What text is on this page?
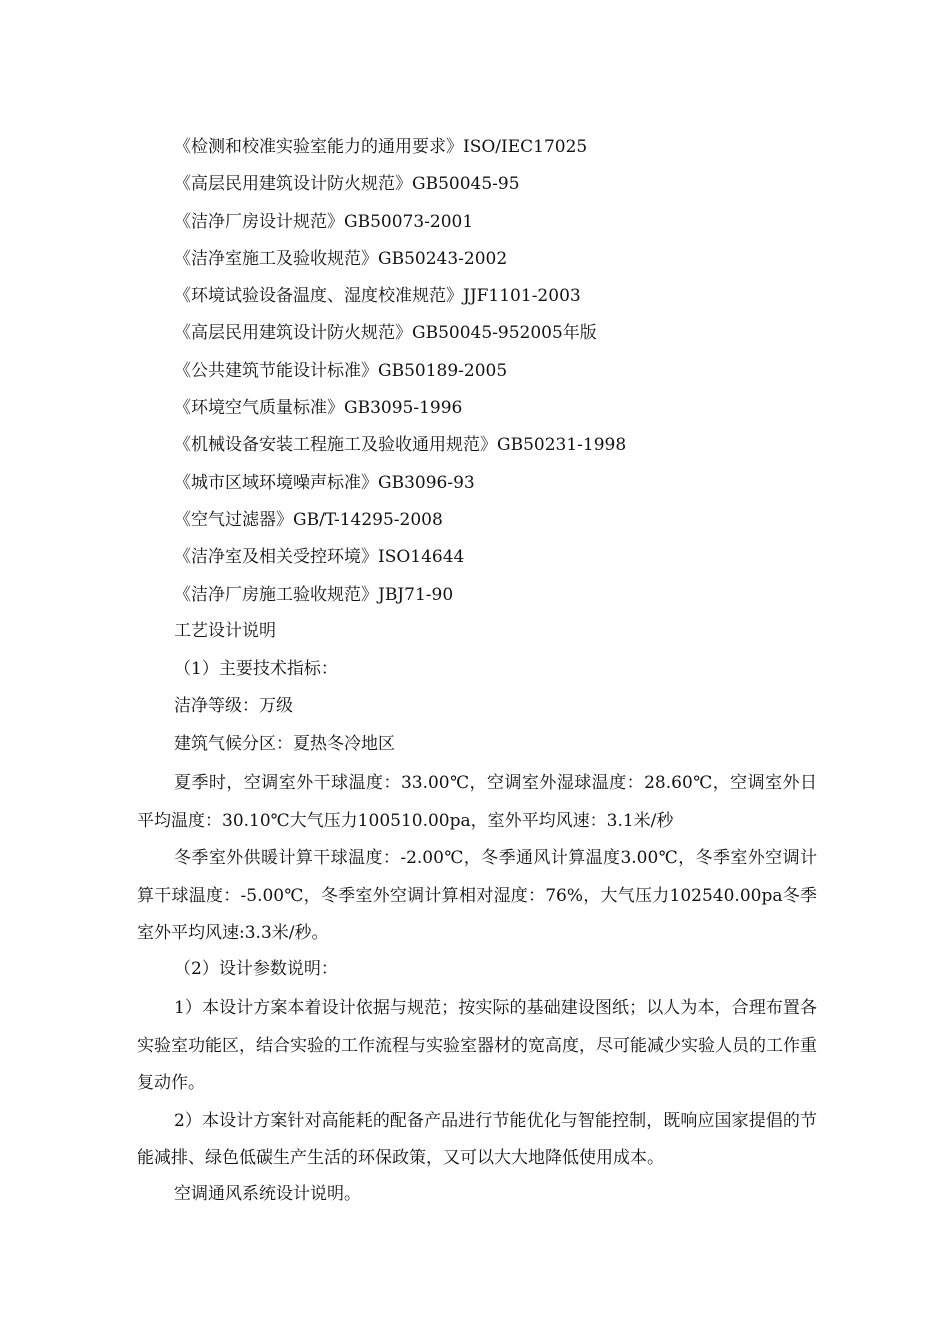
《检测和校准实验室能力的通用要求》ISO/IEC17025
《高层民用建筑设计防火规范》GB50045-95
《洁净厂房设计规范》GB50073-2001
《洁净室施工及验收规范》GB50243-2002
《环境试验设备温度、湿度校准规范》JJF1101-2003
《高层民用建筑设计防火规范》GB50045-952005年版
《公共建筑节能设计标准》GB50189-2005
《环境空气质量标准》GB3095-1996
《机械设备安装工程施工及验收通用规范》GB50231-1998
《城市区域环境噪声标准》GB3096-93
《空气过滤器》GB/T-14295-2008
《洁净室及相关受控环境》ISO14644
《洁净厂房施工验收规范》JBJ71-90
工艺设计说明
（1）主要技术指标：
洁净等级：万级
建筑气候分区：夏热冬冷地区

夏季时，空调室外干球温度：33.00℃，空调室外湿球温度：28.60℃，空调室外日平均温度：30.10℃大气压力100510.00pa，室外平均风速：3.1米/秒

冬季室外供暖计算干球温度：-2.00℃，冬季通风计算温度3.00℃，冬季室外空调计算干球温度：-5.00℃，冬季室外空调计算相对湿度：76%，大气压力102540.00pa冬季室外平均风速:3.3米/秒。

（2）设计参数说明：

1）本设计方案本着设计依据与规范；按实际的基础建设图纸；以人为本，合理布置各实验室功能区，结合实验的工作流程与实验室器材的宽高度，尽可能减少实验人员的工作重复动作。

2）本设计方案针对高能耗的配备产品进行节能优化与智能控制，既响应国家提倡的节能减排、绿色低碳生产生活的环保政策，又可以大大地降低使用成本。

空调通风系统设计说明。
